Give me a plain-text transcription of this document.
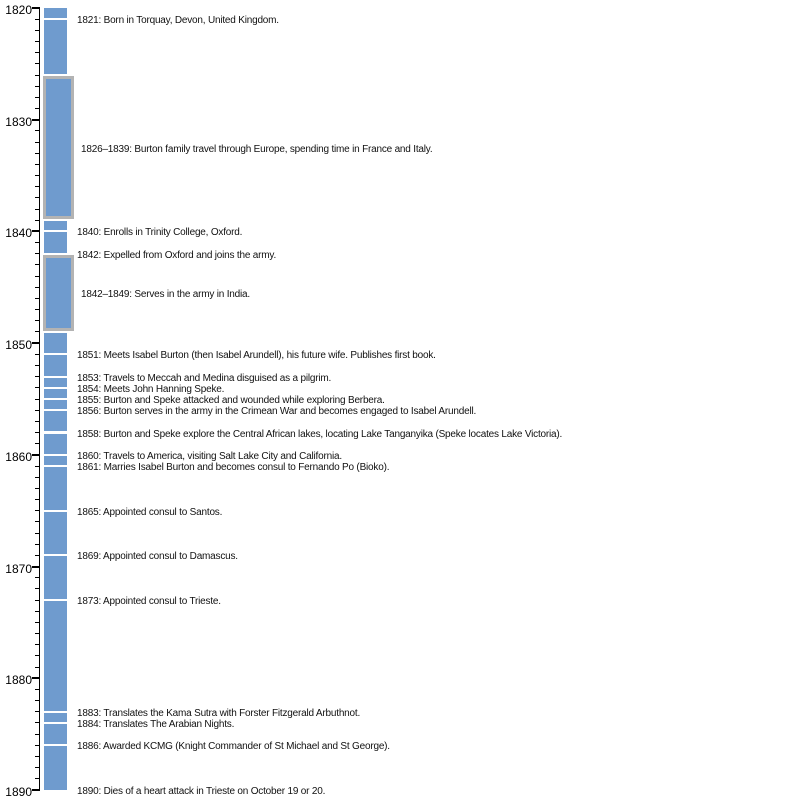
1820
1830
1840
1850
1860
1870
1880
1890
1821: Born in Torquay, Devon, United Kingdom.
1826–1839: Burton family travel through Europe, spending time in France and Italy.
1840: Enrolls in Trinity College, Oxford.
1842: Expelled from Oxford and joins the army.
1842–1849: Serves in the army in India.
1851: Meets Isabel Burton (then Isabel Arundell), his future wife. Publishes first book.
1853: Travels to Meccah and Medina disguised as a pilgrim.
1854: Meets John Hanning Speke.
1855: Burton and Speke attacked and wounded while exploring Berbera.
1856: Burton serves in the army in the Crimean War and becomes engaged to Isabel Arundell.
1858: Burton and Speke explore the Central African lakes, locating Lake Tanganyika (Speke locates Lake Victoria).
1860: Travels to America, visiting Salt Lake City and California.
1861: Marries Isabel Burton and becomes consul to Fernando Po (Bioko).
1865: Appointed consul to Santos.
1869: Appointed consul to Damascus.
1873: Appointed consul to Trieste.
1883: Translates the Kama Sutra with Forster Fitzgerald Arbuthnot.
1884: Translates The Arabian Nights.
1886: Awarded KCMG (Knight Commander of St Michael and St George).
1890: Dies of a heart attack in Trieste on October 19 or 20.
